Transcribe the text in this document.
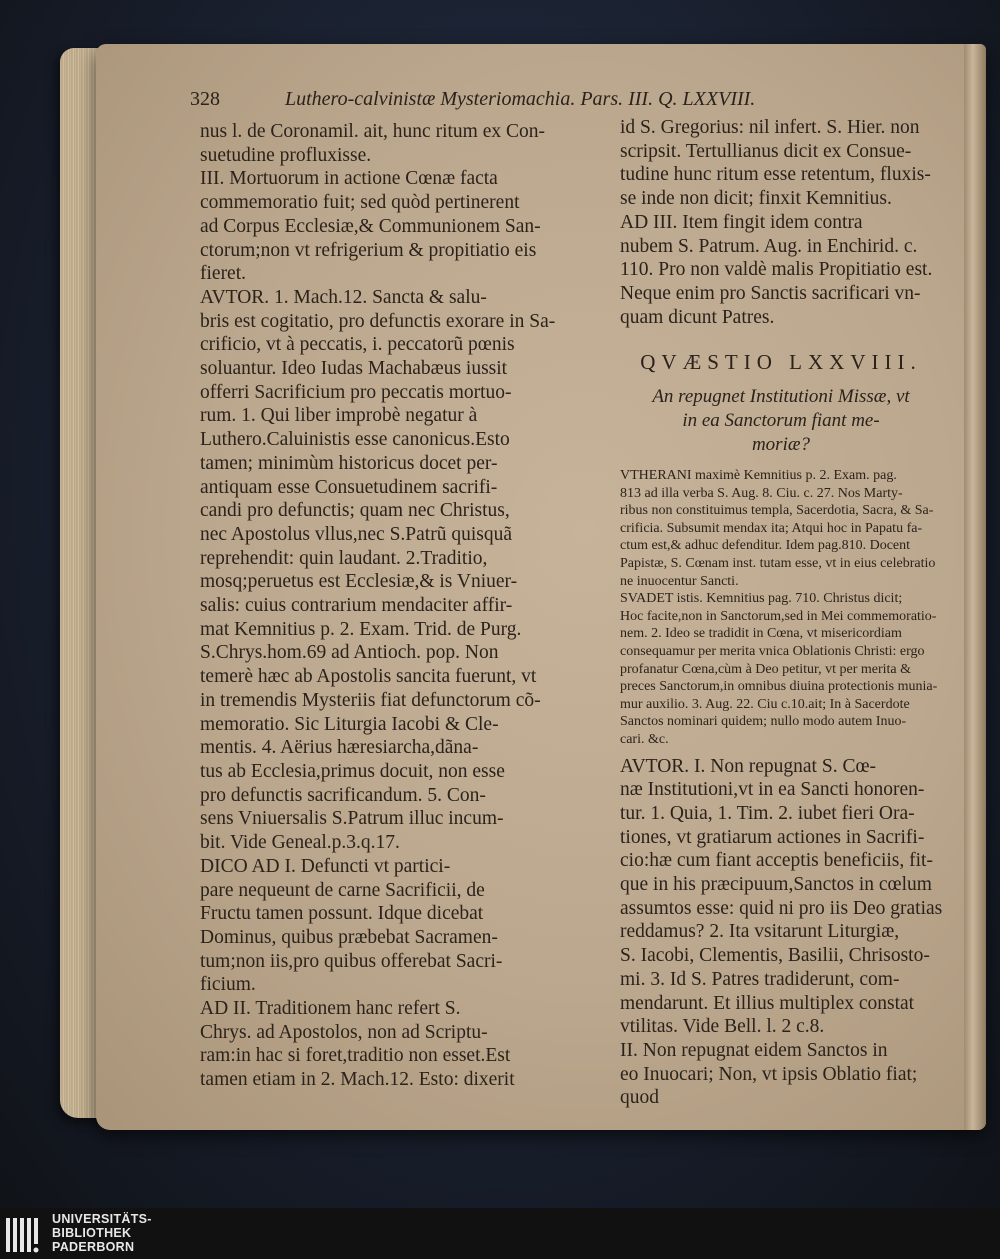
328	Luthero-calvinistæ Mysteriomachia. Pars. III. Q. LXXVIII.
nus l. de Coronamil. ait, hunc ritum ex Con-
suetudine profluxisse.
III. Mortuorum in actione Cœnæ facta
commemoratio fuit; sed quòd pertinerent
ad Corpus Ecclesiæ,& Communionem San-
ctorum;non vt refrigerium & propitiatio eis
fieret.
AVTOR. 1. Mach.12. Sancta & salu-
bris est cogitatio, pro defunctis exorare in Sa-
crificio, vt à peccatis, i. peccatorũ pœnis
soluantur. Ideo Iudas Machabæus iussit
offerri Sacrificium pro peccatis mortuo-
rum. 1. Qui liber improbè negatur à
Luthero.Caluinistis esse canonicus.Esto
tamen; minimùm historicus docet per-
antiquam esse Consuetudinem sacrifi-
candi pro defunctis; quam nec Christus,
nec Apostolus vllus,nec S.Patrũ quisquã
reprehendit: quin laudant. 2.Traditio,
mosq;peruetus est Ecclesiæ,& is Vniuer-
salis: cuius contrarium mendaciter affir-
mat Kemnitius p. 2. Exam. Trid. de Purg.
S.Chrys.hom.69 ad Antioch. pop. Non
temerè hæc ab Apostolis sancita fuerunt, vt
in tremendis Mysteriis fiat defunctorum cõ-
memoratio. Sic Liturgia Iacobi & Cle-
mentis. 4. Aërius hæresiarcha,dãna-
tus ab Ecclesia,primus docuit, non esse
pro defunctis sacrificandum. 5. Con-
sens Vniuersalis S.Patrum illuc incum-
bit. Vide Geneal.p.3.q.17.
DICO AD I. Defuncti vt partici-
pare nequeunt de carne Sacrificii, de
Fructu tamen possunt. Idque dicebat
Dominus, quibus præbebat Sacramen-
tum;non iis,pro quibus offerebat Sacri-
ficium.
AD II. Traditionem hanc refert S.
Chrys. ad Apostolos, non ad Scriptu-
ram:in hac si foret,traditio non esset.Est
tamen etiam in 2. Mach.12. Esto: dixerit
id S. Gregorius: nil infert. S. Hier. non
scripsit. Tertullianus dicit ex Consue-
tudine hunc ritum esse retentum, fluxis-
se inde non dicit; finxit Kemnitius.
AD III. Item fingit idem contra
nubem S. Patrum. Aug. in Enchirid. c.
110. Pro non valdè malis Propitiatio est.
Neque enim pro Sanctis sacrificari vn-
quam dicunt Patres.
QVÆSTIO LXXVIII.
An repugnet Institutioni Missæ, vt
in ea Sanctorum fiant me-
moriæ?
VTHERANI maximè Kemnitius p. 2. Exam. pag.
813 ad illa verba S. Aug. 8. Ciu. c. 27. Nos Marty-
ribus non constituimus templa, Sacerdotia, Sacra, & Sa-
crificia. Subsumit mendax ita; Atqui hoc in Papatu fa-
ctum est,& adhuc defenditur. Idem pag.810. Docent
Papistæ, S. Cœnam inst. tutam esse, vt in eius celebratio
ne inuocentur Sancti.
SVADET istis. Kemnitius pag. 710. Christus dicit;
Hoc facite,non in Sanctorum,sed in Mei commemoratio-
nem. 2. Ideo se tradidit in Cœna, vt misericordiam
consequamur per merita vnica Oblationis Christi: ergo
profanatur Cœna,cùm à Deo petitur, vt per merita &
preces Sanctorum,in omnibus diuina protectionis munia-
mur auxilio. 3. Aug. 22. Ciu c.10.ait; In à Sacerdote
Sanctos nominari quidem; nullo modo autem Inuo-
cari. &c.
AVTOR. I. Non repugnat S. Cœ-
næ Institutioni,vt in ea Sancti honoren-
tur. 1. Quia, 1. Tim. 2. iubet fieri Ora-
tiones, vt gratiarum actiones in Sacrifi-
cio:hæ cum fiant acceptis beneficiis, fit-
que in his præcipuum,Sanctos in cœlum
assumtos esse: quid ni pro iis Deo gratias
reddamus? 2. Ita vsitarunt Liturgiæ,
S. Iacobi, Clementis, Basilii, Chrisosto-
mi. 3. Id S. Patres tradiderunt, com-
mendarunt. Et illius multiplex constat
vtilitas. Vide Bell. l. 2 c.8.
II. Non repugnat eidem Sanctos in
eo Inuocari; Non, vt ipsis Oblatio fiat;
quod
UNIVERSITÄTS-
BIBLIOTHEK
PADERBORN
